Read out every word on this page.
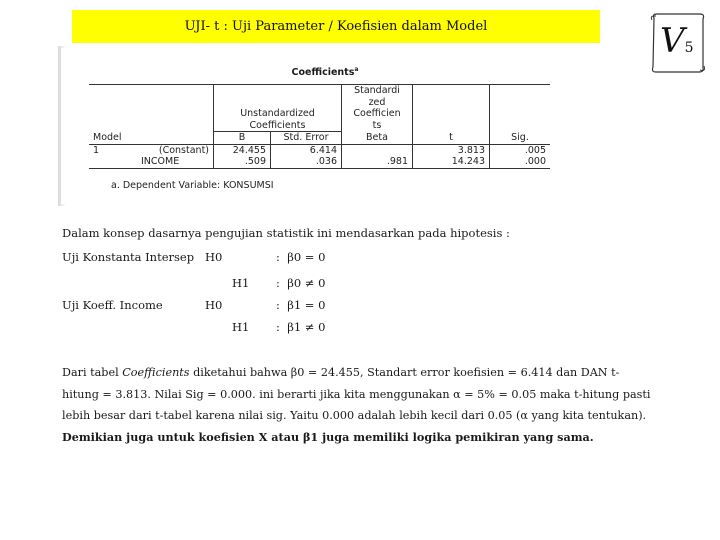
UJI- t : Uji Parameter / Koefisien dalam Model	V5
Coefficients$^a$
				Standardi		
				zed		
		Unstandardized		Coefficien		
		Coefficients		ts		
Model		B	Std. Error	Beta	t	Sig.
1	(Constant)	24.455	6.414		3.813	.005
	INCOME	.509	.036	.981	14.243	.000
a. Dependent Variable: KONSUMSI
Dalam konsep dasarnya pengujian statistik ini mendasarkan pada hipotesis :
Uji Konstanta Intersep H0	: β0 = 0
H1 : β0 ≠ 0
Uji Koeff. Income	H0	: β1 = 0
H1 : β1 ≠ 0
Dari tabel Coefficients diketahui bahwa β0 = 24.455, Standart error koefisien = 6.414 dan DAN t-
hitung = 3.813. Nilai Sig = 0.000. ini berarti jika kita menggunakan α = 5% = 0.05 maka t-hitung pasti
lebih besar dari t-tabel karena nilai sig. Yaitu 0.000 adalah lebih kecil dari 0.05 (α yang kita tentukan).
Demikian juga untuk koefisien X atau β1 juga memiliki logika pemikiran yang sama.
